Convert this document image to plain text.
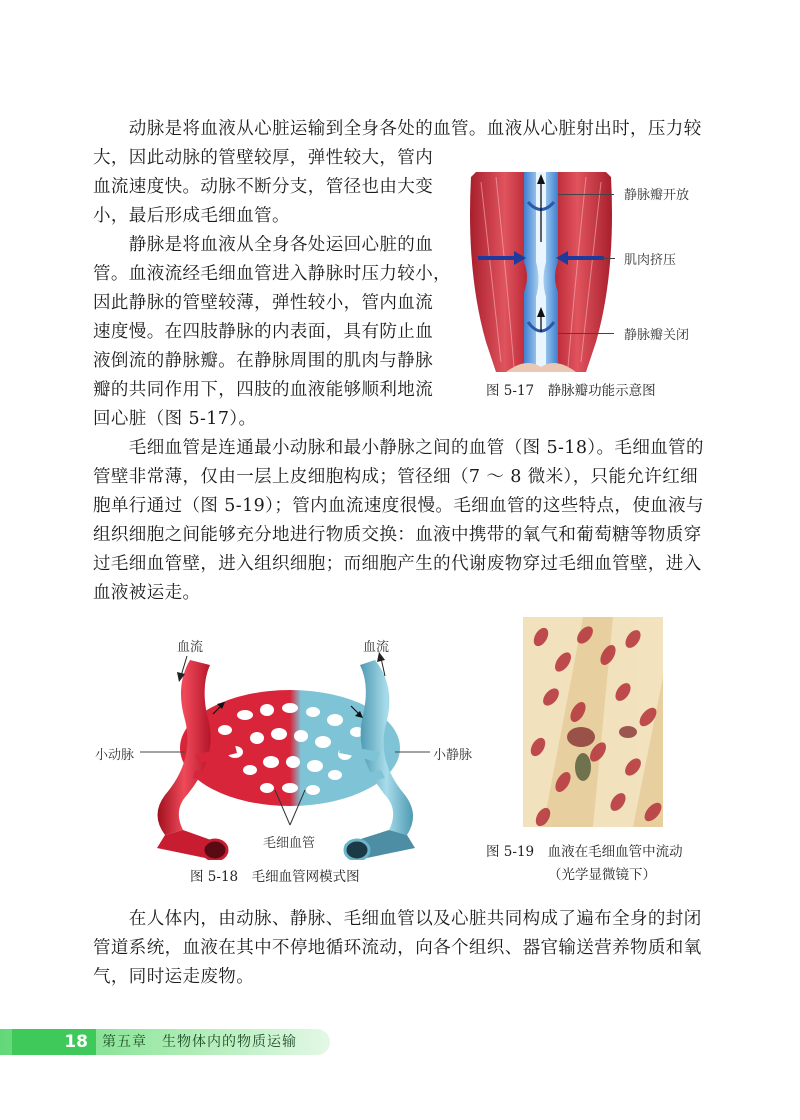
　　动脉是将血液从心脏运输到全身各处的血管。血液从心脏射出时，压力较
大，因此动脉的管壁较厚，弹性较大，管内
血流速度快。动脉不断分支，管径也由大变
小，最后形成毛细血管。
　　静脉是将血液从全身各处运回心脏的血
管。血液流经毛细血管进入静脉时压力较小，
因此静脉的管壁较薄，弹性较小，管内血流
速度慢。在四肢静脉的内表面，具有防止血
液倒流的静脉瓣。在静脉周围的肌肉与静脉
瓣的共同作用下，四肢的血液能够顺利地流
回心脏（图 5-17）。
静脉瓣开放
肌肉挤压
静脉瓣关闭
图 5-17　静脉瓣功能示意图
　　毛细血管是连通最小动脉和最小静脉之间的血管（图 5-18）。毛细血管的
管壁非常薄，仅由一层上皮细胞构成；管径细（7 ～ 8 微米），只能允许红细
胞单行通过（图 5-19）；管内血流速度很慢。毛细血管的这些特点，使血液与
组织细胞之间能够充分地进行物质交换：血液中携带的氧气和葡萄糖等物质穿
过毛细血管壁，进入组织细胞；而细胞产生的代谢废物穿过毛细血管壁，进入
血液被运走。
血流	血流
小动脉	小静脉
毛细血管
图 5-18　毛细血管网模式图
图 5-19　血液在毛细血管中流动
（光学显微镜下）
　　在人体内，由动脉、静脉、毛细血管以及心脏共同构成了遍布全身的封闭
管道系统，血液在其中不停地循环流动，向各个组织、器官输送营养物质和氧
气，同时运走废物。
18	第五章　生物体内的物质运输
